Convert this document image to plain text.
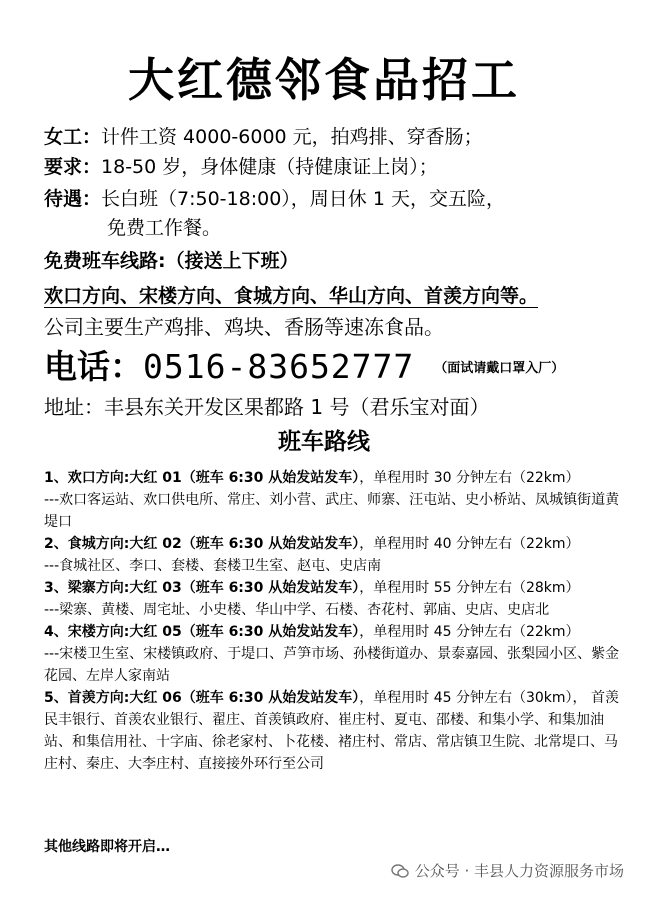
大红德邻食品招工
女工：计件工资 4000-6000 元，拍鸡排、穿香肠；
要求：18-50 岁，身体健康（持健康证上岗）；
待遇：长白班（7:50-18:00），周日休 1 天，交五险，
免费工作餐。
免费班车线路:（接送上下班）
欢口方向、宋楼方向、食城方向、华山方向、首羡方向等。
公司主要生产鸡排、鸡块、香肠等速冻食品。
电话：0516-83652777 （面试请戴口罩入厂）
地址：丰县东关开发区果都路 1 号（君乐宝对面）
班车路线
1、欢口方向:大红 01（班车 6:30 从始发站发车），单程用时 30 分钟左右（22km）
---欢口客运站、欢口供电所、常庄、刘小营、武庄、师寨、汪屯站、史小桥站、凤城镇街道黄堤口
2、食城方向:大红 02（班车 6:30 从始发站发车），单程用时 40 分钟左右（22km）
---食城社区、李口、套楼、套楼卫生室、赵屯、史店南
3、梁寨方向:大红 03（班车 6:30 从始发站发车），单程用时 55 分钟左右（28km）
---梁寨、黄楼、周宅址、小史楼、华山中学、石楼、杏花村、郭庙、史店、史店北
4、宋楼方向:大红 05（班车 6:30 从始发站发车），单程用时 45 分钟左右（22km）
---宋楼卫生室、宋楼镇政府、于堤口、芦笋市场、孙楼街道办、景泰嘉园、张梨园小区、紫金花园、左岸人家南站
5、首羡方向:大红 06（班车 6:30 从始发站发车），单程用时 45 分钟左右（30km）， 首羡民丰银行、首羡农业银行、翟庄、首羡镇政府、崔庄村、夏屯、邵楼、和集小学、和集加油站、和集信用社、十字庙、徐老家村、卜花楼、褚庄村、常店、常店镇卫生院、北常堤口、马庄村、秦庄、大李庄村、直接接外环行至公司
其他线路即将开启…
公众号 · 丰县人力资源服务市场
